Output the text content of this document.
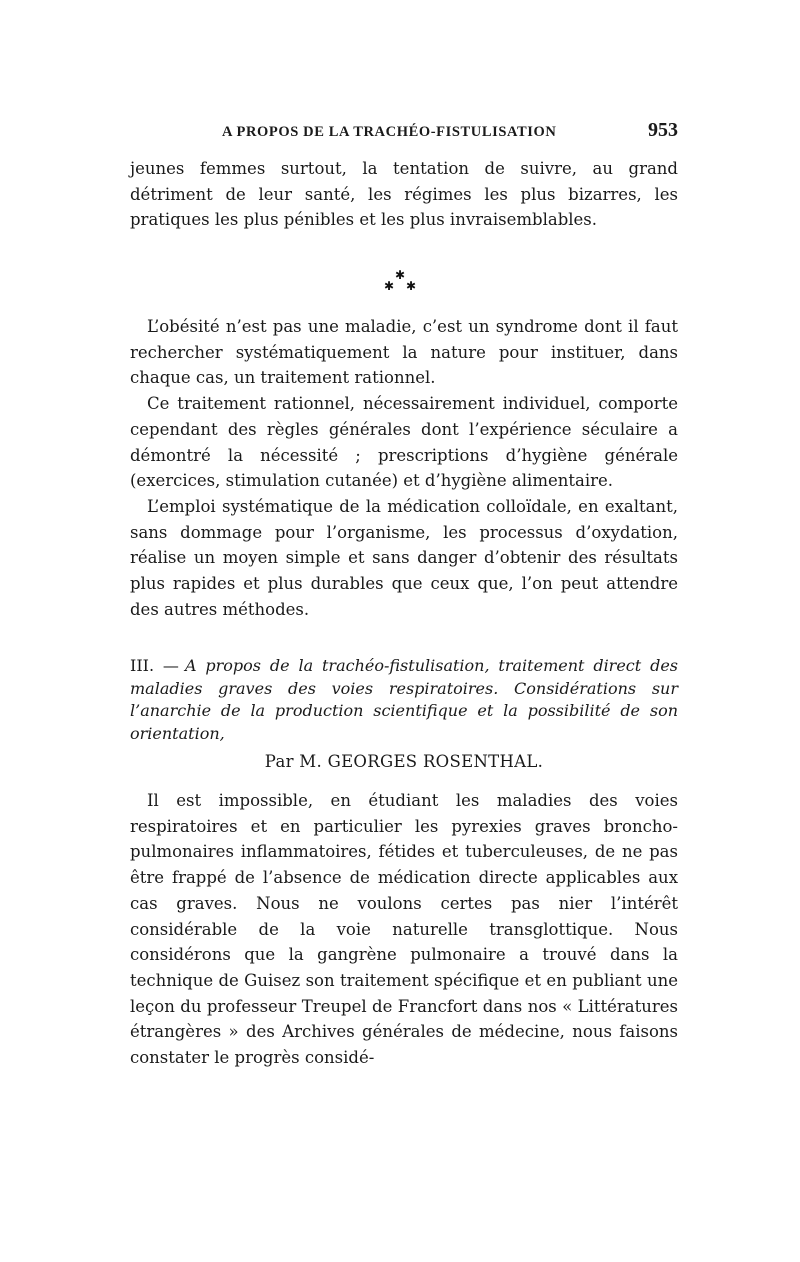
A PROPOS DE LA TRACHÉO-FISTULISATION	953

jeunes femmes surtout, la tentation de suivre, au grand détriment de leur santé, les régimes les plus bizarres, les pratiques les plus pénibles et les plus invraisemblables.

✱
✱ ✱

L’obésité n’est pas une maladie, c’est un syndrome dont il faut rechercher systématiquement la nature pour instituer, dans chaque cas, un traitement rationnel.

Ce traitement rationnel, nécessairement individuel, comporte cependant des règles générales dont l’expérience séculaire a démontré la nécessité ; prescriptions d’hygiène générale (exercices, stimulation cutanée) et d’hygiène alimentaire.

L’emploi systématique de la médication colloïdale, en exaltant, sans dommage pour l’organisme, les processus d’oxydation, réalise un moyen simple et sans danger d’obtenir des résultats plus rapides et plus durables que ceux que, l’on peut attendre des autres méthodes.

III. — A propos de la trachéo-fistulisation, traitement direct des maladies graves des voies respiratoires. Considérations sur l’anarchie de la production scientifique et la possibilité de son orientation,
Par M. GEORGES ROSENTHAL.

Il est impossible, en étudiant les maladies des voies respiratoires et en particulier les pyrexies graves broncho-pulmonaires inflammatoires, fétides et tuberculeuses, de ne pas être frappé de l’absence de médication directe applicables aux cas graves. Nous ne voulons certes pas nier l’intérêt considérable de la voie naturelle transglottique. Nous considérons que la gangrène pulmonaire a trouvé dans la technique de Guisez son traitement spécifique et en publiant une leçon du professeur Treupel de Francfort dans nos « Littératures étrangères » des Archives générales de médecine, nous faisons constater le progrès considé-
